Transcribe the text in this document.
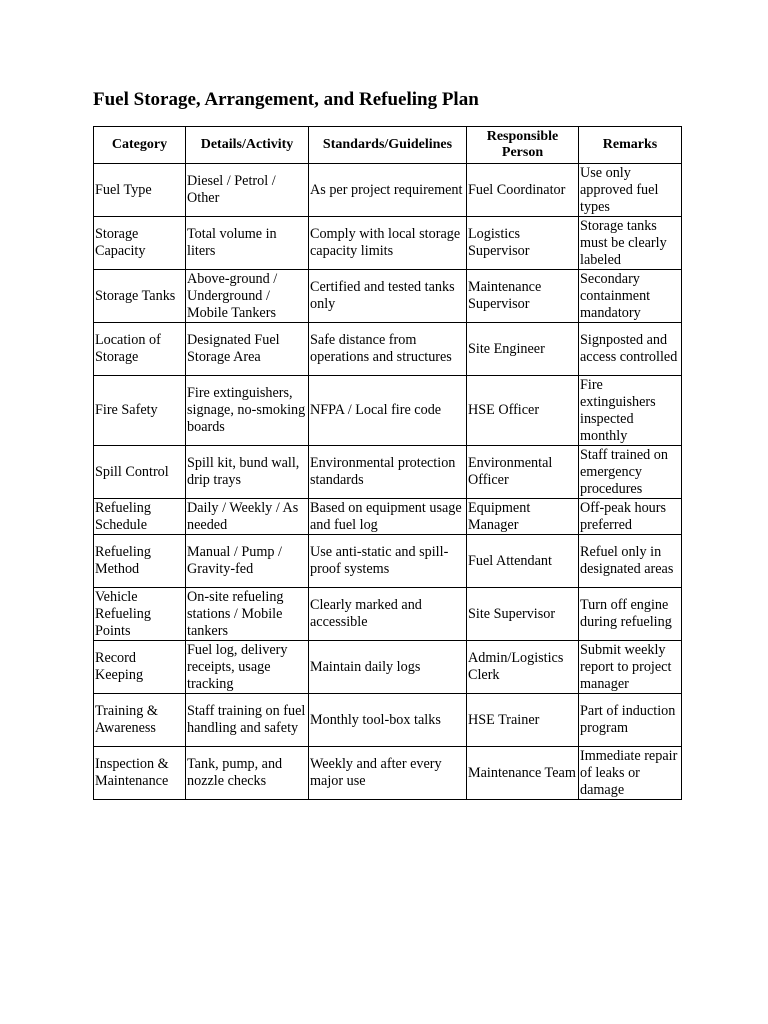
Fuel Storage, Arrangement, and Refueling Plan
Category	Details/Activity	Standards/Guidelines	Responsible Person	Remarks
Fuel Type	Diesel / Petrol / Other	As per project requirement	Fuel Coordinator	Use only approved fuel types
Storage Capacity	Total volume in liters	Comply with local storage capacity limits	Logistics Supervisor	Storage tanks must be clearly labeled
Storage Tanks	Above-ground / Underground / Mobile Tankers	Certified and tested tanks only	Maintenance Supervisor	Secondary containment mandatory
Location of Storage	Designated Fuel Storage Area	Safe distance from operations and structures	Site Engineer	Signposted and access controlled
Fire Safety	Fire extinguishers, signage, no-smoking boards	NFPA / Local fire code	HSE Officer	Fire extinguishers inspected monthly
Spill Control	Spill kit, bund wall, drip trays	Environmental protection standards	Environmental Officer	Staff trained on emergency procedures
Refueling Schedule	Daily / Weekly / As needed	Based on equipment usage and fuel log	Equipment Manager	Off-peak hours preferred
Refueling Method	Manual / Pump / Gravity-fed	Use anti-static and spill-proof systems	Fuel Attendant	Refuel only in designated areas
Vehicle Refueling Points	On-site refueling stations / Mobile tankers	Clearly marked and accessible	Site Supervisor	Turn off engine during refueling
Record Keeping	Fuel log, delivery receipts, usage tracking	Maintain daily logs	Admin/Logistics Clerk	Submit weekly report to project manager
Training & Awareness	Staff training on fuel handling and safety	Monthly tool-box talks	HSE Trainer	Part of induction program
Inspection & Maintenance	Tank, pump, and nozzle checks	Weekly and after every major use	Maintenance Team	Immediate repair of leaks or damage
